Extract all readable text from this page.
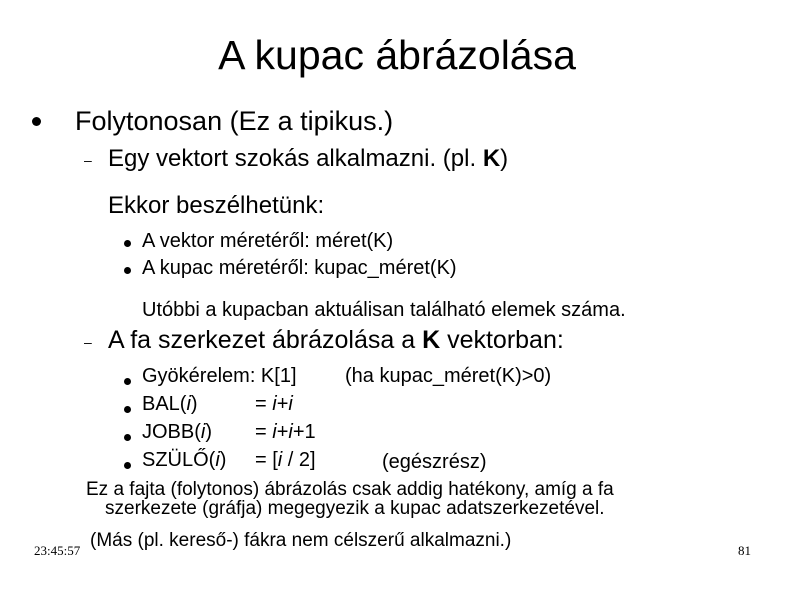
A kupac ábrázolása
Folytonosan (Ez a tipikus.)
– Egy vektort szokás alkalmazni. (pl. K)
Ekkor beszélhetünk:
A vektor méretéről: méret(K)
A kupac méretéről: kupac_méret(K)
Utóbbi a kupacban aktuálisan található elemek száma.
– A fa szerkezet ábrázolása a K vektorban:
Gyökérelem: K[1] (ha kupac_méret(K)>0)
BAL(i)	= i+i
JOBB(i) = i+i+1
SZÜLŐ(i) = [i / 2]	(egészrész)
Ez a fajta (folytonos) ábrázolás csak addig hatékony, amíg a fa
szerkezete (gráfja) megegyezik a kupac adatszerkezetével.
(Más (pl. kereső-) fákra nem célszerű alkalmazni.)
23:45:57	81
